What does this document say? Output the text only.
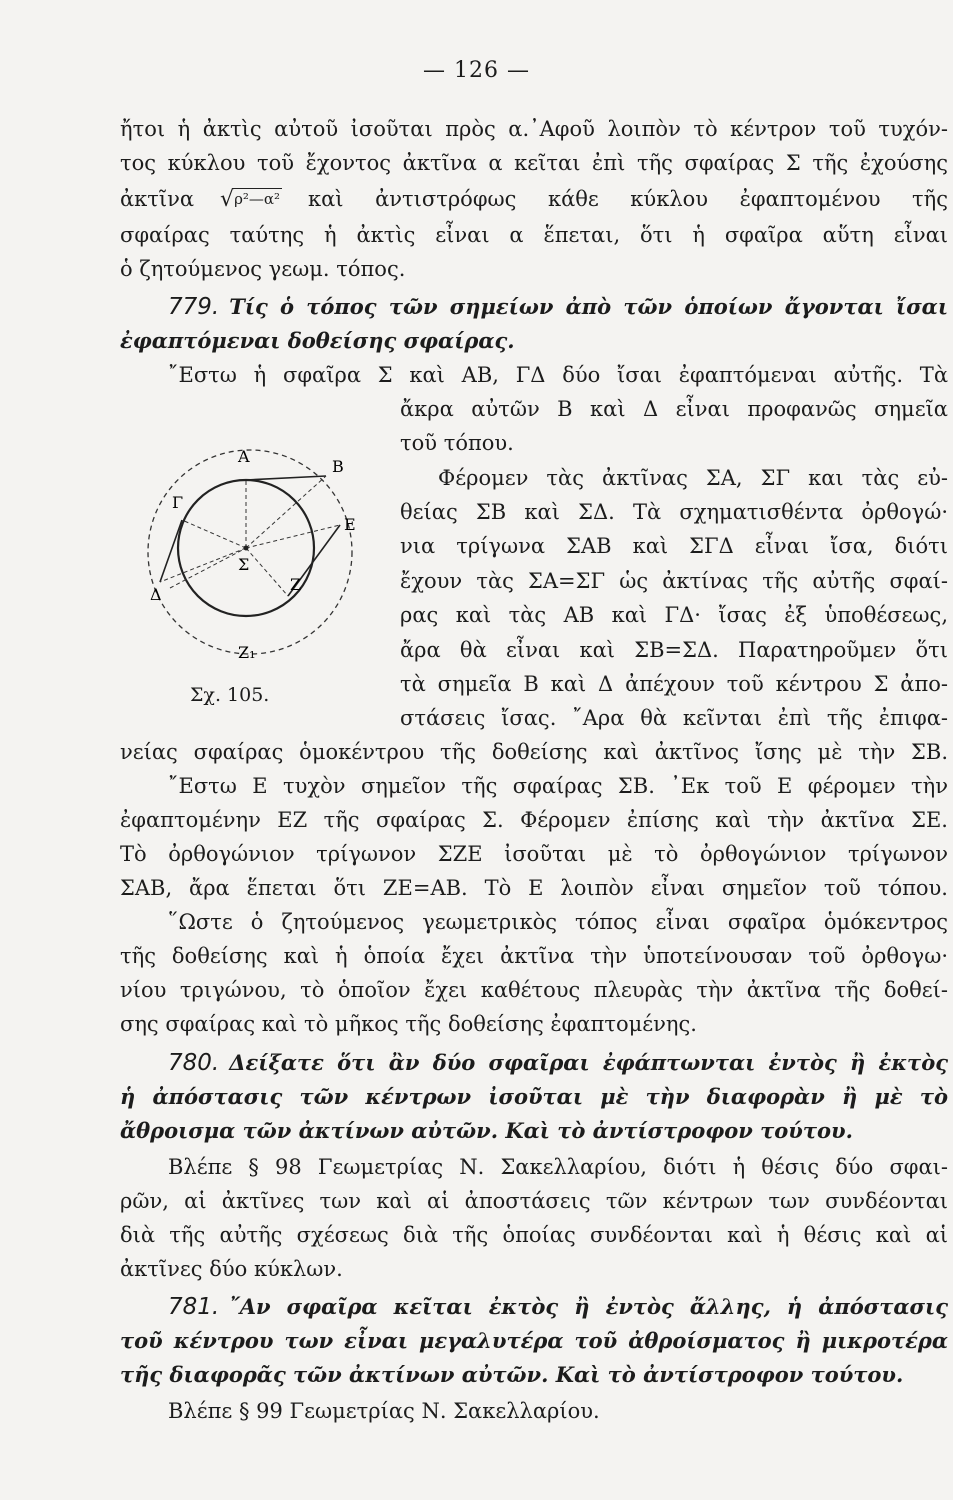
— 126 —
ἤτοι ἡ ἀκτὶς αὐτοῦ ἰσοῦται πρὸς α.᾽Αφοῦ λοιπὸν τὸ κέντρον τοῦ τυχόν-
τος κύκλου τοῦ ἔχοντος ἀκτῖνα α κεῖται ἐπὶ τῆς σφαίρας Σ τῆς ἐχούσης
ἀκτῖνα √ρ²—α² καὶ ἀντιστρόφως κάθε κύκλου ἐφαπτομένου τῆς
σφαίρας ταύτης ἡ ἀκτὶς εἶναι α ἕπεται, ὅτι ἡ σφαῖρα αὕτη εἶναι
ὁ ζητούμενος γεωμ. τόπος.
779. Τίς ὁ τόπος τῶν σημείων ἀπὸ τῶν ὁποίων ἄγονται ἴσαι
ἐφαπτόμεναι δοθείσης σφαίρας.
῎Εστω ἡ σφαῖρα Σ καὶ ΑΒ, ΓΔ δύο ἴσαι ἐφαπτόμεναι αὐτῆς. Τὰ
ἄκρα αὐτῶν Β καὶ Δ εἶναι προφανῶς σημεῖα
τοῦ τόπου.
Φέρομεν τὰς ἀκτῖνας ΣΑ, ΣΓ και τὰς εὐ-
θείας ΣΒ καὶ ΣΔ. Τὰ σχηματισθέντα ὀρθογώ·
νια τρίγωνα ΣΑΒ καὶ ΣΓΔ εἶναι ἴσα, διότι
ἔχουν τὰς ΣΑ=ΣΓ ὡς ἀκτίνας τῆς αὐτῆς σφαί-
ρας καὶ τὰς ΑΒ καὶ ΓΔ· ἴσας ἐξ ὑποθέσεως,
ἄρα θὰ εἶναι καὶ ΣΒ=ΣΔ. Παρατηροῦμεν ὅτι
τὰ σημεῖα Β καὶ Δ ἀπέχουν τοῦ κέντρου Σ ἀπο-
στάσεις ἴσας. ῎Αρα θὰ κεῖνται ἐπὶ τῆς ἐπιφα-
νείας σφαίρας ὁμοκέντρου τῆς δοθείσης καὶ ἀκτῖνος ἴσης μὲ τὴν ΣΒ.
῎Εστω Ε τυχὸν σημεῖον τῆς σφαίρας ΣΒ. ᾽Εκ τοῦ Ε φέρομεν τὴν
ἐφαπτομένην ΕΖ τῆς σφαίρας Σ. Φέρομεν ἐπίσης καὶ τὴν ἀκτῖνα ΣΕ.
Τὸ ὀρθογώνιον τρίγωνον ΣΖΕ ἰσοῦται μὲ τὸ ὀρθογώνιον τρίγωνον
ΣΑΒ, ἄρα ἕπεται ὅτι ΖΕ=ΑΒ. Τὸ Ε λοιπὸν εἶναι σημεῖον τοῦ τόπου.
῞Ωστε ὁ ζητούμενος γεωμετρικὸς τόπος εἶναι σφαῖρα ὁμόκεντρος
τῆς δοθείσης καὶ ἡ ὁποία ἔχει ἀκτῖνα τὴν ὑποτείνουσαν τοῦ ὀρθογω·
νίου τριγώνου, τὸ ὁποῖον ἔχει καθέτους πλευρὰς τὴν ἀκτῖνα τῆς δοθεί-
σης σφαίρας καὶ τὸ μῆκος τῆς δοθείσης ἐφαπτομένης.
780. Δείξατε ὅτι ἂν δύο σφαῖραι ἐφάπτωνται ἐντὸς ἢ ἐκτὸς
ἡ ἀπόστασις τῶν κέντρων ἰσοῦται μὲ τὴν διαφορὰν ἢ μὲ τὸ
ἄθροισμα τῶν ἀκτίνων αὐτῶν. Καὶ τὸ ἀντίστροφον τούτου.
Βλέπε § 98 Γεωμετρίας Ν. Σακελλαρίου, διότι ἡ θέσις δύο σφαι-
ρῶν, αἱ ἀκτῖνες των καὶ αἱ ἀποστάσεις τῶν κέντρων των συνδέονται
διὰ τῆς αὐτῆς σχέσεως διὰ τῆς ὁποίας συνδέονται καὶ ἡ θέσις καὶ αἱ
ἀκτῖνες δύο κύκλων.
781. ῎Αν σφαῖρα κεῖται ἐκτὸς ἢ ἐντὸς ἄλλης, ἡ ἀπόστασις
τοῦ κέντρου των εἶναι μεγαλυτέρα τοῦ ἀθροίσματος ἢ μικροτέρα
τῆς διαφορᾶς τῶν ἀκτίνων αὐτῶν. Καὶ τὸ ἀντίστροφον τούτου.
Βλέπε § 99 Γεωμετρίας Ν. Σακελλαρίου.
Α
Β
Γ
Σ
Ε
Ζ
Δ
Ζ₁
Σχ. 105.
